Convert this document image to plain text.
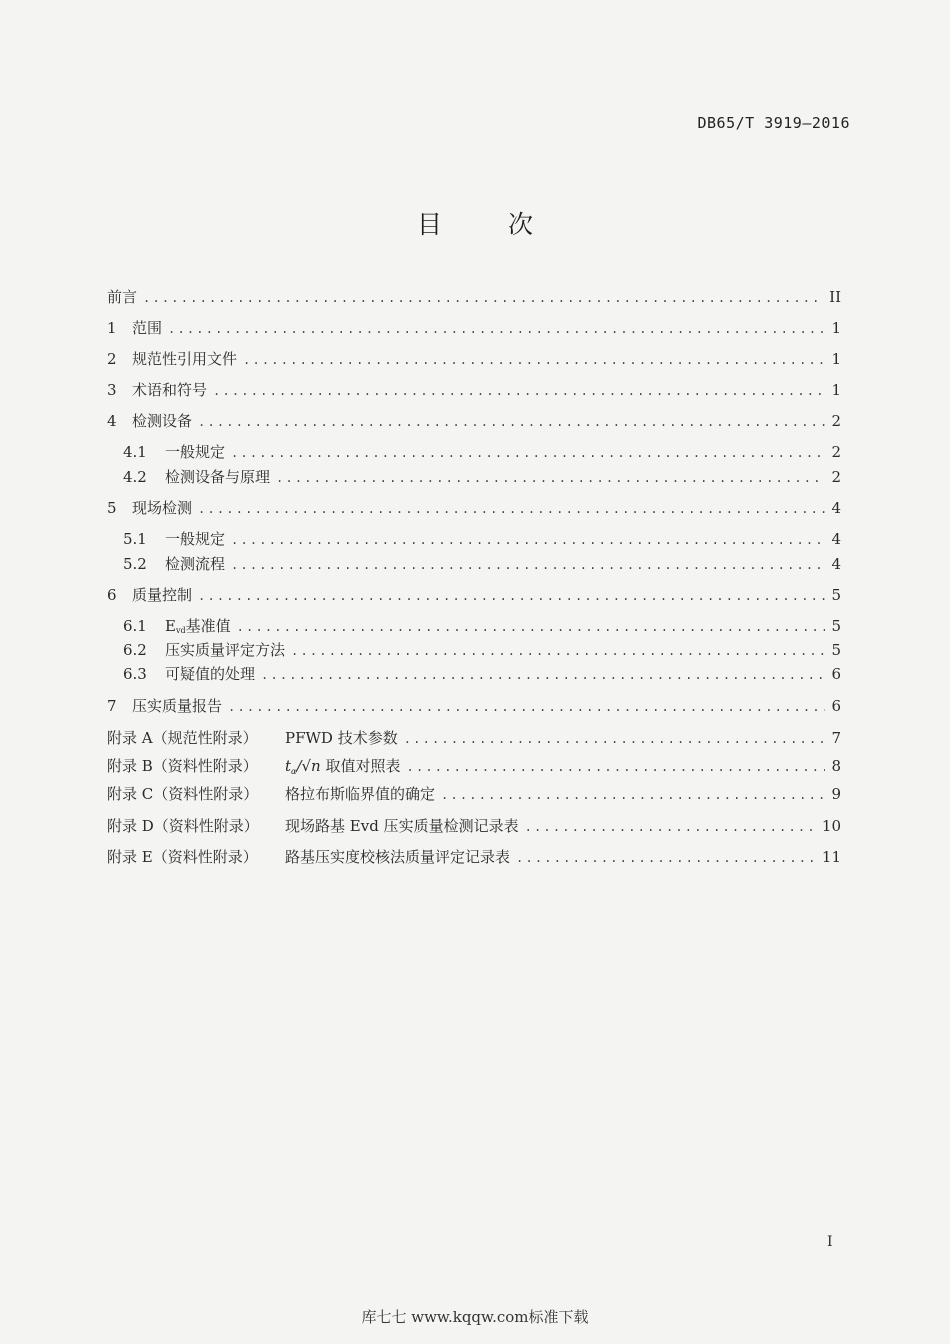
DB65/T 3919—2016
目	次
前言 .....	II
1	范围 .....	1
2	规范性引用文件 .....	1
3	术语和符号 .....	1
4	检测设备 .....	2
4.1	一般规定 .....	2
4.2	检测设备与原理 .....	2
5	现场检测 .....	4
5.1	一般规定 .....	4
5.2	检测流程 .....	4
6	质量控制 .....	5
6.1	Evd基准值 .....	5
6.2	压实质量评定方法 .....	5
6.3	可疑值的处理 .....	6
7	压实质量报告 .....	6
附录 A（规范性附录）	PFWD 技术参数 .....	7
附录 B（资料性附录）	$t_\alpha/√n$ 取值对照表 .....	8
附录 C（资料性附录）	格拉布斯临界值的确定 .....	9
附录 D（资料性附录）	现场路基 Evd 压实质量检测记录表 .....	10
附录 E（资料性附录）	路基压实度校核法质量评定记录表 .....	11
I
库七七 www.kqqw.com标准下载
